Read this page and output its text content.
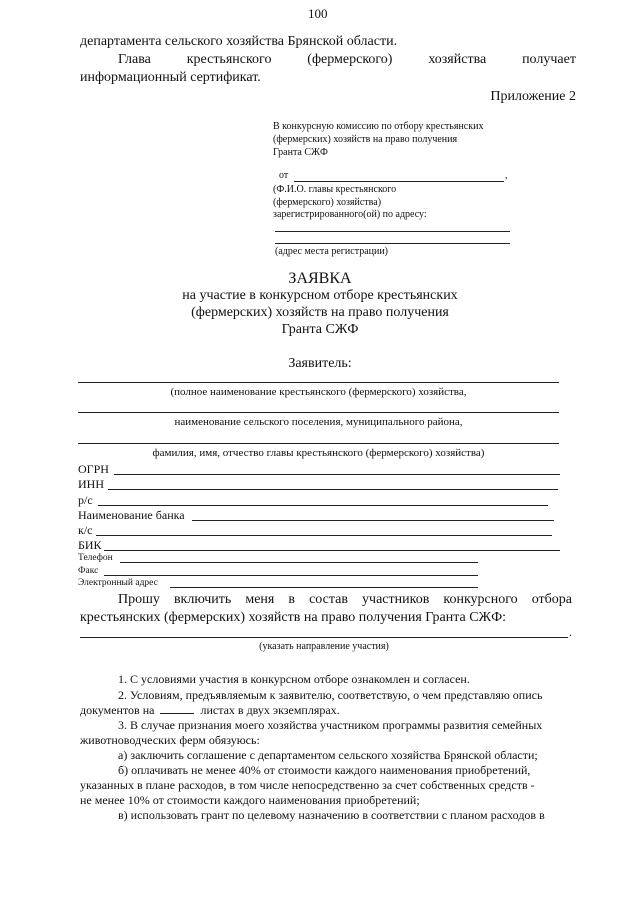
100
департамента сельского хозяйства Брянской области.
Глава	крестьянского	(фермерского)	хозяйства	получает
информационный сертификат.
Приложение 2
В конкурсную комиссию по отбору крестьянских
(фермерских) хозяйств на право получения
Гранта СЖФ
от	,
(Ф.И.О. главы крестьянского
(фермерского) хозяйства)
зарегистрированного(ой) по адресу:
(адрес места регистрации)
ЗАЯВКА
на участие в конкурсном отборе крестьянских
(фермерских) хозяйств на право получения
Гранта СЖФ
Заявитель:
(полное наименование крестьянского (фермерского) хозяйства,
наименование сельского поселения, муниципального района,
фамилия, имя, отчество главы крестьянского (фермерского) хозяйства)
ОГРН
ИНН
р/с
Наименование банка
к/с
БИК
Телефон
Факс
Электронный адрес
Прошу включить меня в состав участников конкурсного отбора
крестьянских (фермерских) хозяйств на право получения Гранта СЖФ:
.
(указать направление участия)
1. С условиями участия в конкурсном отборе ознакомлен и согласен.
2. Условиям, предъявляемым к заявителю, соответствую, о чем представляю опись
документов на	листах в двух экземплярах.
3. В случае признания моего хозяйства участником программы развития семейных
животноводческих ферм обязуюсь:
а) заключить соглашение с департаментом сельского хозяйства Брянской области;
б) оплачивать не менее 40% от стоимости каждого наименования приобретений,
указанных в плане расходов, в том числе непосредственно за счет собственных средств -
не менее 10% от стоимости каждого наименования приобретений;
в) использовать грант по целевому назначению в соответствии с планом расходов в
